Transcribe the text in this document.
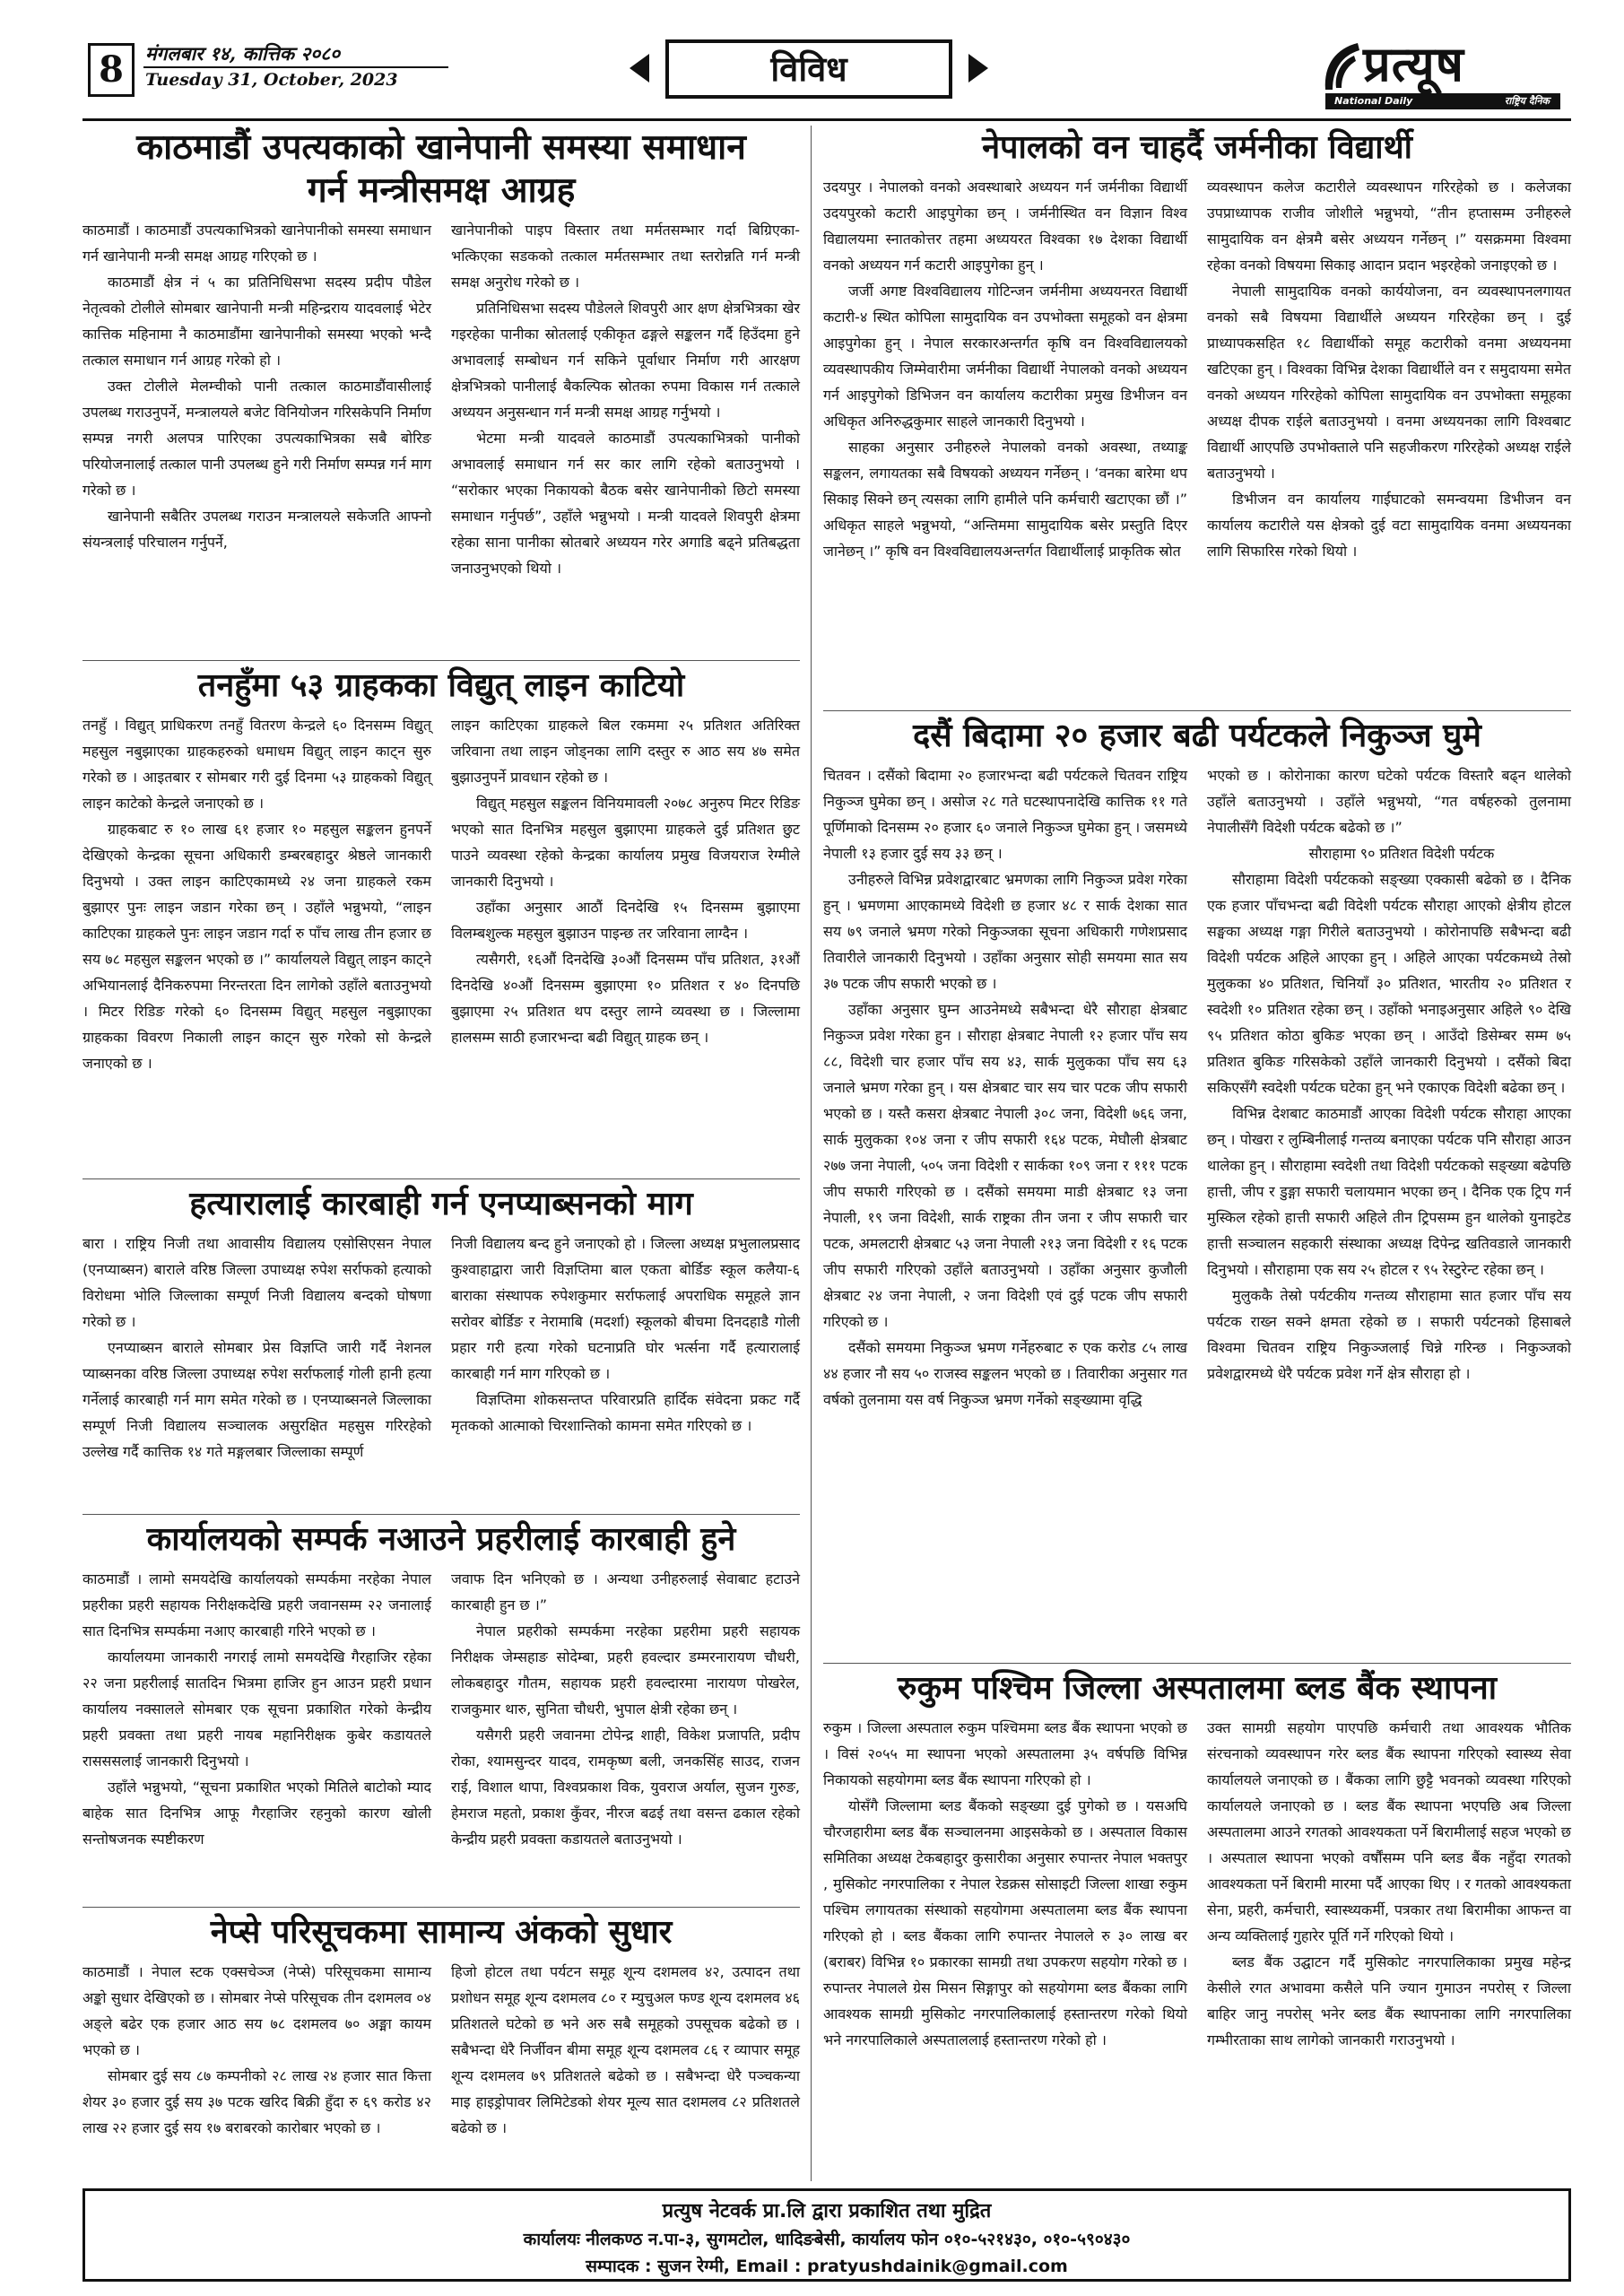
8	मंगलबार १४, कात्तिक २०८०
Tuesday 31, October, 2023	विविध	प्रत्यूष
National Daily	राष्ट्रिय दैनिक
काठमाडौं उपत्यकाको खानेपानी समस्या समाधान
गर्न मन्त्रीसमक्ष आग्रह

काठमाडौं । काठमाडौं उपत्यकाभित्रको खानेपानीको समस्या समाधान गर्न खानेपानी मन्त्री समक्ष आग्रह गरिएको छ ।

काठमाडौं क्षेत्र नं ५ का प्रतिनिधिसभा सदस्य प्रदीप पौडेल नेतृत्वको टोलीले सोमबार खानेपानी मन्त्री महिन्द्रराय यादवलाई भेटेर कात्तिक महिनामा नै काठमाडौंमा खानेपानीको समस्या भएको भन्दै तत्काल समाधान गर्न आग्रह गरेको हो ।

उक्त टोलीले मेलम्चीको पानी तत्काल काठमाडौंवासीलाई उपलब्ध गराउनुपर्ने, मन्त्रालयले बजेट विनियोजन गरिसकेपनि निर्माण सम्पन्न नगरी अलपत्र पारिएका उपत्यकाभित्रका सबै बोरिङ परियोजनालाई तत्काल पानी उपलब्ध हुने गरी निर्माण सम्पन्न गर्न माग गरेको छ ।

खानेपानी सबैतिर उपलब्ध गराउन मन्त्रालयले सकेजति आफ्नो संयन्त्रलाई परिचालन गर्नुपर्ने,

खानेपानीको पाइप विस्तार तथा मर्मतसम्भार गर्दा बिग्रिएका-भत्किएका सडकको तत्काल मर्मतसम्भार तथा स्तरोन्नति गर्न मन्त्री समक्ष अनुरोध गरेको छ ।

प्रतिनिधिसभा सदस्य पौडेलले शिवपुरी आर क्षण क्षेत्रभित्रका खेर गइरहेका पानीका स्रोतलाई एकीकृत ढङ्गले सङ्कलन गर्दै हिउँदमा हुने अभावलाई सम्बोधन गर्न सकिने पूर्वाधार निर्माण गरी आरक्षण क्षेत्रभित्रको पानीलाई बैकल्पिक स्रोतका रुपमा विकास गर्न तत्काले अध्ययन अनुसन्धान गर्न मन्त्री समक्ष आग्रह गर्नुभयो ।

भेटमा मन्त्री यादवले काठमाडौं उपत्यकाभित्रको पानीको अभावलाई समाधान गर्न सर कार लागि रहेको बताउनुभयो । “सरोकार भएका निकायको बैठक बसेर खानेपानीको छिटो समस्या समाधान गर्नुपर्छ”, उहाँले भन्नुभयो । मन्त्री यादवले शिवपुरी क्षेत्रमा रहेका साना पानीका स्रोतबारे अध्ययन गरेर अगाडि बढ्ने प्रतिबद्धता जनाउनुभएको थियो ।

तनहुँमा ५३ ग्राहकका विद्युत् लाइन काटियो

तनहुँ । विद्युत् प्राधिकरण तनहुँ वितरण केन्द्रले ६० दिनसम्म विद्युत् महसुल नबुझाएका ग्राहकहरुको धमाधम विद्युत् लाइन काट्न सुरु गरेको छ । आइतबार र सोमबार गरी दुई दिनमा ५३ ग्राहकको विद्युत् लाइन काटेको केन्द्रले जनाएको छ ।

ग्राहकबाट रु १० लाख ६१ हजार १० महसुल सङ्कलन हुनपर्ने देखिएको केन्द्रका सूचना अधिकारी डम्बरबहादुर श्रेष्ठले जानकारी दिनुभयो । उक्त लाइन काटिएकामध्ये २४ जना ग्राहकले रकम बुझाएर पुनः लाइन जडान गरेका छन् । उहाँले भन्नुभयो, “लाइन काटिएका ग्राहकले पुनः लाइन जडान गर्दा रु पाँच लाख तीन हजार छ सय ७८ महसुल सङ्कलन भएको छ ।” कार्यालयले विद्युत् लाइन काट्ने अभियानलाई दैनिकरुपमा निरन्तरता दिन लागेको उहाँले बताउनुभयो । मिटर रिडिङ गरेको ६० दिनसम्म विद्युत् महसुल नबुझाएका ग्राहकका विवरण निकाली लाइन काट्न सुरु गरेको सो केन्द्रले जनाएको छ ।

लाइन काटिएका ग्राहकले बिल रकममा २५ प्रतिशत अतिरिक्त जरिवाना तथा लाइन जोड्नका लागि दस्तुर रु आठ सय ४७ समेत बुझाउनुपर्ने प्रावधान रहेको छ ।

विद्युत् महसुल सङ्कलन विनियमावली २०७८ अनुरुप मिटर रिडिङ भएको सात दिनभित्र महसुल बुझाएमा ग्राहकले दुई प्रतिशत छुट पाउने व्यवस्था रहेको केन्द्रका कार्यालय प्रमुख विजयराज रेग्मीले जानकारी दिनुभयो ।

उहाँका अनुसार आठौं दिनदेखि १५ दिनसम्म बुझाएमा विलम्बशुल्क महसुल बुझाउन पाइन्छ तर जरिवाना लाग्दैन ।

त्यसैगरी, १६औं दिनदेखि ३०औं दिनसम्म पाँच प्रतिशत, ३१औं दिनदेखि ४०औं दिनसम्म बुझाएमा १० प्रतिशत र ४० दिनपछि बुझाएमा २५ प्रतिशत थप दस्तुर लाग्ने व्यवस्था छ । जिल्लामा हालसम्म साठी हजारभन्दा बढी विद्युत् ग्राहक छन् ।

हत्यारालाई कारबाही गर्न एनप्याब्सनको माग

बारा । राष्ट्रिय निजी तथा आवासीय विद्यालय एसोसिएसन नेपाल (एनप्याब्सन) बाराले वरिष्ठ जिल्ला उपाध्यक्ष रुपेश सर्राफको हत्याको विरोधमा भोलि जिल्लाका सम्पूर्ण निजी विद्यालय बन्दको घोषणा गरेको छ ।

एनप्याब्सन बाराले सोमबार प्रेस विज्ञप्ति जारी गर्दै नेशनल प्याब्सनका वरिष्ठ जिल्ला उपाध्यक्ष रुपेश सर्राफलाई गोली हानी हत्या गर्नेलाई कारबाही गर्न माग समेत गरेको छ । एनप्याब्सनले जिल्लाका सम्पूर्ण निजी विद्यालय सञ्चालक असुरक्षित महसुस गरिरहेको उल्लेख गर्दै कात्तिक १४ गते मङ्गलबार जिल्लाका सम्पूर्ण

निजी विद्यालय बन्द हुने जनाएको हो । जिल्ला अध्यक्ष प्रभुलालप्रसाद कुश्वाहाद्वारा जारी विज्ञप्तिमा बाल एकता बोर्डिङ स्कूल कलैया-६ बाराका संस्थापक रुपेशकुमार सर्राफलाई अपराधिक समूहले ज्ञान सरोवर बोर्डिङ र नेरामाबि (मदर्शा) स्कूलको बीचमा दिनदहाडै गोली प्रहार गरी हत्या गरेको घटनाप्रति घोर भर्त्सना गर्दै हत्यारालाई कारबाही गर्न माग गरिएको छ ।

विज्ञप्तिमा शोकसन्तप्त परिवारप्रति हार्दिक संवेदना प्रकट गर्दै मृतकको आत्माको चिरशान्तिको कामना समेत गरिएको छ ।

कार्यालयको सम्पर्क नआउने प्रहरीलाई कारबाही हुने

काठमाडौं । लामो समयदेखि कार्यालयको सम्पर्कमा नरहेका नेपाल प्रहरीका प्रहरी सहायक निरीक्षकदेखि प्रहरी जवानसम्म २२ जनालाई सात दिनभित्र सम्पर्कमा नआए कारबाही गरिने भएको छ ।

कार्यालयमा जानकारी नगराई लामो समयदेखि गैरहाजिर रहेका २२ जना प्रहरीलाई सातदिन भित्रमा हाजिर हुन आउन प्रहरी प्रधान कार्यालय नक्सालले सोमबार एक सूचना प्रकाशित गरेको केन्द्रीय प्रहरी प्रवक्ता तथा प्रहरी नायब महानिरीक्षक कुबेर कडायतले रासससलाई जानकारी दिनुभयो ।

उहाँले भन्नुभयो, “सूचना प्रकाशित भएको मितिले बाटोको म्याद बाहेक सात दिनभित्र आफू गैरहाजिर रहनुको कारण खोली सन्तोषजनक स्पष्टीकरण

जवाफ दिन भनिएको छ । अन्यथा उनीहरुलाई सेवाबाट हटाउने कारबाही हुन छ ।”

नेपाल प्रहरीको सम्पर्कमा नरहेका प्रहरीमा प्रहरी सहायक निरीक्षक जेम्सहाङ सोदेम्बा, प्रहरी हवल्दार डम्मरनारायण चौधरी, लोकबहादुर गौतम, सहायक प्रहरी हवल्दारमा नारायण पोखरेल, राजकुमार थारु, सुनिता चौधरी, भुपाल क्षेत्री रहेका छन् ।

यसैगरी प्रहरी जवानमा टोपेन्द्र शाही, विकेश प्रजापति, प्रदीप रोका, श्यामसुन्दर यादव, रामकृष्ण बली, जनकसिंह साउद, राजन राई, विशाल थापा, विश्वप्रकाश विक, युवराज अर्याल, सुजन गुरुङ, हेमराज महतो, प्रकाश कुँवर, नीरज बढई तथा वसन्त ढकाल रहेको केन्द्रीय प्रहरी प्रवक्ता कडायतले बताउनुभयो ।

नेप्से परिसूचकमा सामान्य अंकको सुधार

काठमाडौं । नेपाल स्टक एक्सचेञ्ज (नेप्से) परिसूचकमा सामान्य अङ्को सुधार देखिएको छ । सोमबार नेप्से परिसूचक तीन दशमलव ०४ अङ्ले बढेर एक हजार आठ सय ७८ दशमलव ७० अङ्मा कायम भएको छ ।

सोमबार दुई सय ८७ कम्पनीको २८ लाख २४ हजार सात कित्ता शेयर ३० हजार दुई सय ३७ पटक खरिद बिक्री हुँदा रु ६९ करोड ४२ लाख २२ हजार दुई सय १७ बराबरको कारोबार भएको छ ।

हिजो होटल तथा पर्यटन समूह शून्य दशमलव ४२, उत्पादन तथा प्रशोधन समूह शून्य दशमलव ८० र म्युचुअल फण्ड शून्य दशमलव ४६ प्रतिशतले घटेको छ भने अरु सबै समूहको उपसूचक बढेको छ । सबैभन्दा धेरै निर्जीवन बीमा समूह शून्य दशमलव ८६ र व्यापार समूह शून्य दशमलव ७९ प्रतिशतले बढेको छ । सबैभन्दा धेरै पञ्चकन्या माइ हाइड्रोपावर लिमिटेडको शेयर मूल्य सात दशमलव ८२ प्रतिशतले बढेको छ ।

नेपालको वन चाहर्दै जर्मनीका विद्यार्थी

उदयपुर । नेपालको वनको अवस्थाबारे अध्ययन गर्न जर्मनीका विद्यार्थी उदयपुरको कटारी आइपुगेका छन् । जर्मनीस्थित वन विज्ञान विश्व विद्यालयमा स्नातकोत्तर तहमा अध्ययरत विश्वका १७ देशका विद्यार्थी वनको अध्ययन गर्न कटारी आइपुगेका हुन् ।

जर्जी अगष्ट विश्वविद्यालय गोटिन्जन जर्मनीमा अध्ययनरत विद्यार्थी कटारी-४ स्थित कोपिला सामुदायिक वन उपभोक्ता समूहको वन क्षेत्रमा आइपुगेका हुन् । नेपाल सरकारअन्तर्गत कृषि वन विश्वविद्यालयको व्यवस्थापकीय जिम्मेवारीमा जर्मनीका विद्यार्थी नेपालको वनको अध्ययन गर्न आइपुगेको डिभिजन वन कार्यालय कटारीका प्रमुख डिभीजन वन अधिकृत अनिरुद्धकुमार साहले जानकारी दिनुभयो ।

साहका अनुसार उनीहरुले नेपालको वनको अवस्था, तथ्याङ्क सङ्कलन, लगायतका सबै विषयको अध्ययन गर्नेछन् । ‘वनका बारेमा थप सिकाइ सिक्ने छन् त्यसका लागि हामीले पनि कर्मचारी खटाएका छौं ।” अधिकृत साहले भन्नुभयो, “अन्तिममा सामुदायिक बसेर प्रस्तुति दिएर जानेछन् ।” कृषि वन विश्वविद्यालयअन्तर्गत विद्यार्थीलाई प्राकृतिक स्रोत

व्यवस्थापन कलेज कटारीले व्यवस्थापन गरिरहेको छ । कलेजका उपप्राध्यापक राजीव जोशीले भन्नुभयो, “तीन हप्तासम्म उनीहरुले सामुदायिक वन क्षेत्रमै बसेर अध्ययन गर्नेछन् ।” यसक्रममा विश्वमा रहेका वनको विषयमा सिकाइ आदान प्रदान भइरहेको जनाइएको छ ।

नेपाली सामुदायिक वनको कार्ययोजना, वन व्यवस्थापनलगायत वनको सबै विषयमा विद्यार्थीले अध्ययन गरिरहेका छन् । दुई प्राध्यापकसहित १८ विद्यार्थीको समूह कटारीको वनमा अध्ययनमा खटिएका हुन् । विश्वका विभिन्न देशका विद्यार्थीले वन र समुदायमा समेत वनको अध्ययन गरिरहेको कोपिला सामुदायिक वन उपभोक्ता समूहका अध्यक्ष दीपक राईले बताउनुभयो । वनमा अध्ययनका लागि विश्वबाट विद्यार्थी आएपछि उपभोक्ताले पनि सहजीकरण गरिरहेको अध्यक्ष राईले बताउनुभयो ।

डिभीजन वन कार्यालय गाईघाटको समन्वयमा डिभीजन वन कार्यालय कटारीले यस क्षेत्रको दुई वटा सामुदायिक वनमा अध्ययनका लागि सिफारिस गरेको थियो ।

दसैं बिदामा २० हजार बढी पर्यटकले निकुञ्ज घुमे

चितवन । दसैंको बिदामा २० हजारभन्दा बढी पर्यटकले चितवन राष्ट्रिय निकुञ्ज घुमेका छन् । असोज २८ गते घटस्थापनादेखि कात्तिक ११ गते पूर्णिमाको दिनसम्म २० हजार ६० जनाले निकुञ्ज घुमेका हुन् । जसमध्ये नेपाली १३ हजार दुई सय ३३ छन् ।

उनीहरुले विभिन्न प्रवेशद्वारबाट भ्रमणका लागि निकुञ्ज प्रवेश गरेका हुन् । भ्रमणमा आएकामध्ये विदेशी छ हजार ४८ र सार्क देशका सात सय ७९ जनाले भ्रमण गरेको निकुञ्जका सूचना अधिकारी गणेशप्रसाद तिवारीले जानकारी दिनुभयो । उहाँका अनुसार सोही समयमा सात सय ३७ पटक जीप सफारी भएको छ ।

उहाँका अनुसार घुम्न आउनेमध्ये सबैभन्दा धेरै सौराहा क्षेत्रबाट निकुञ्ज प्रवेश गरेका हुन । सौराहा क्षेत्रबाट नेपाली १२ हजार पाँच सय ८८, विदेशी चार हजार पाँच सय ४३, सार्क मुलुकका पाँच सय ६३ जनाले भ्रमण गरेका हुन् । यस क्षेत्रबाट चार सय चार पटक जीप सफारी भएको छ । यस्तै कसरा क्षेत्रबाट नेपाली ३०८ जना, विदेशी ७६६ जना, सार्क मुलुकका १०४ जना र जीप सफारी १६४ पटक, मेघौली क्षेत्रबाट २७७ जना नेपाली, ५०५ जना विदेशी र सार्कका १०९ जना र १११ पटक जीप सफारी गरिएको छ । दसैंको समयमा माडी क्षेत्रबाट १३ जना नेपाली, १९ जना विदेशी, सार्क राष्ट्रका तीन जना र जीप सफारी चार पटक, अमलटारी क्षेत्रबाट ५३ जना नेपाली २१३ जना विदेशी र १६ पटक जीप सफारी गरिएको उहाँले बताउनुभयो । उहाँका अनुसार कुजौली क्षेत्रबाट २४ जना नेपाली, २ जना विदेशी एवं दुई पटक जीप सफारी गरिएको छ ।

दसैंको समयमा निकुञ्ज भ्रमण गर्नेहरुबाट रु एक करोड ८५ लाख ४४ हजार नौ सय ५० राजस्व सङ्कलन भएको छ । तिवारीका अनुसार गत वर्षको तुलनामा यस वर्ष निकुञ्ज भ्रमण गर्नेको सङ्ख्यामा वृद्धि

भएको छ । कोरोनाका कारण घटेको पर्यटक विस्तारै बढ्न थालेको उहाँले बताउनुभयो । उहाँले भन्नुभयो, “गत वर्षहरुको तुलनामा नेपालीसँगै विदेशी पर्यटक बढेको छ ।”

सौराहामा ९० प्रतिशत विदेशी पर्यटक

सौराहामा विदेशी पर्यटकको सङ्ख्या एक्कासी बढेको छ । दैनिक एक हजार पाँचभन्दा बढी विदेशी पर्यटक सौराहा आएको क्षेत्रीय होटल सङ्घका अध्यक्ष गङ्गा गिरीले बताउनुभयो । कोरोनापछि सबैभन्दा बढी विदेशी पर्यटक अहिले आएका हुन् । अहिले आएका पर्यटकमध्ये तेस्रो मुलुकका ४० प्रतिशत, चिनियाँ ३० प्रतिशत, भारतीय २० प्रतिशत र स्वदेशी १० प्रतिशत रहेका छन् । उहाँको भनाइअनुसार अहिले ९० देखि ९५ प्रतिशत कोठा बुकिङ भएका छन् । आउँदो डिसेम्बर सम्म ७५ प्रतिशत बुकिङ गरिसकेको उहाँले जानकारी दिनुभयो । दसैंको बिदा सकिएसँगै स्वदेशी पर्यटक घटेका हुन् भने एकाएक विदेशी बढेका छन् ।

विभिन्न देशबाट काठमाडौं आएका विदेशी पर्यटक सौराहा आएका छन् । पोखरा र लुम्बिनीलाई गन्तव्य बनाएका पर्यटक पनि सौराहा आउन थालेका हुन् । सौराहामा स्वदेशी तथा विदेशी पर्यटकको सङ्ख्या बढेपछि हात्ती, जीप र डुङ्गा सफारी चलायमान भएका छन् । दैनिक एक ट्रिप गर्न मुस्किल रहेको हात्ती सफारी अहिले तीन ट्रिपसम्म हुन थालेको युनाइटेड हात्ती सञ्चालन सहकारी संस्थाका अध्यक्ष दिपेन्द्र खतिवडाले जानकारी दिनुभयो । सौराहामा एक सय २५ होटल र ९५ रेस्टुरेन्ट रहेका छन् ।

मुलुककै तेस्रो पर्यटकीय गन्तव्य सौराहामा सात हजार पाँच सय पर्यटक राख्न सक्ने क्षमता रहेको छ । सफारी पर्यटनको हिसाबले विश्वमा चितवन राष्ट्रिय निकुञ्जलाई चिन्ने गरिन्छ । निकुञ्जको प्रवेशद्वारमध्ये धेरै पर्यटक प्रवेश गर्ने क्षेत्र सौराहा हो ।

रुकुम पश्चिम जिल्ला अस्पतालमा ब्लड बैंक स्थापना

रुकुम । जिल्ला अस्पताल रुकुम पश्चिममा ब्लड बैंक स्थापना भएको छ । विसं २०५५ मा स्थापना भएको अस्पतालमा ३५ वर्षपछि विभिन्न निकायको सहयोगमा ब्लड बैंक स्थापना गरिएको हो ।

योसँगै जिल्लामा ब्लड बैंकको सङ्ख्या दुई पुगेको छ । यसअघि चौरजहारीमा ब्लड बैंक सञ्चालनमा आइसकेको छ । अस्पताल विकास समितिका अध्यक्ष टेकबहादुर कुसारीका अनुसार रुपान्तर नेपाल भक्तपुर , मुसिकोट नगरपालिका र नेपाल रेडक्रस सोसाइटी जिल्ला शाखा रुकुम पश्चिम लगायतका संस्थाको सहयोगमा अस्पतालमा ब्लड बैंक स्थापना गरिएको हो । ब्लड बैंकका लागि रुपान्तर नेपालले रु ३० लाख बर (बराबर) विभिन्न १० प्रकारका सामग्री तथा उपकरण सहयोग गरेको छ । रुपान्तर नेपालले ग्रेस मिसन सिङ्गापुर को सहयोगमा ब्लड बैंकका लागि आवश्यक सामग्री मुसिकोट नगरपालिकालाई हस्तान्तरण गरेको थियो भने नगरपालिकाले अस्पताललाई हस्तान्तरण गरेको हो ।

उक्त सामग्री सहयोग पाएपछि कर्मचारी तथा आवश्यक भौतिक संरचनाको व्यवस्थापन गरेर ब्लड बैंक स्थापना गरिएको स्वास्थ्य सेवा कार्यालयले जनाएको छ । बैंकका लागि छुट्टै भवनको व्यवस्था गरिएको कार्यालयले जनाएको छ । ब्लड बैंक स्थापना भएपछि अब जिल्ला अस्पतालमा आउने रगतको आवश्यकता पर्ने बिरामीलाई सहज भएको छ । अस्पताल स्थापना भएको वर्षौंसम्म पनि ब्लड बैंक नहुँदा रगतको आवश्यकता पर्ने बिरामी मारमा पर्दै आएका थिए । र गतको आवश्यकता सेना, प्रहरी, कर्मचारी, स्वास्थ्यकर्मी, पत्रकार तथा बिरामीका आफन्त वा अन्य व्यक्तिलाई गुहारेर पूर्ति गर्ने गरिएको थियो ।

ब्लड बैंक उद्घाटन गर्दै मुसिकोट नगरपालिकाका प्रमुख महेन्द्र केसीले रगत अभावमा कसैले पनि ज्यान गुमाउन नपरोस् र जिल्ला बाहिर जानु नपरोस् भनेर ब्लड बैंक स्थापनाका लागि नगरपालिका गम्भीरताका साथ लागेको जानकारी गराउनुभयो ।

प्रत्युष नेटवर्क प्रा.लि द्वारा प्रकाशित तथा मुद्रित
कार्यालयः नीलकण्ठ न.पा-३, सुगमटोल, धादिङबेसी, कार्यालय फोन ०१०-५२१४३०, ०१०-५९०४३०
सम्पादक : सुजन रेग्मी, Email : pratyushdainik@gmail.com
